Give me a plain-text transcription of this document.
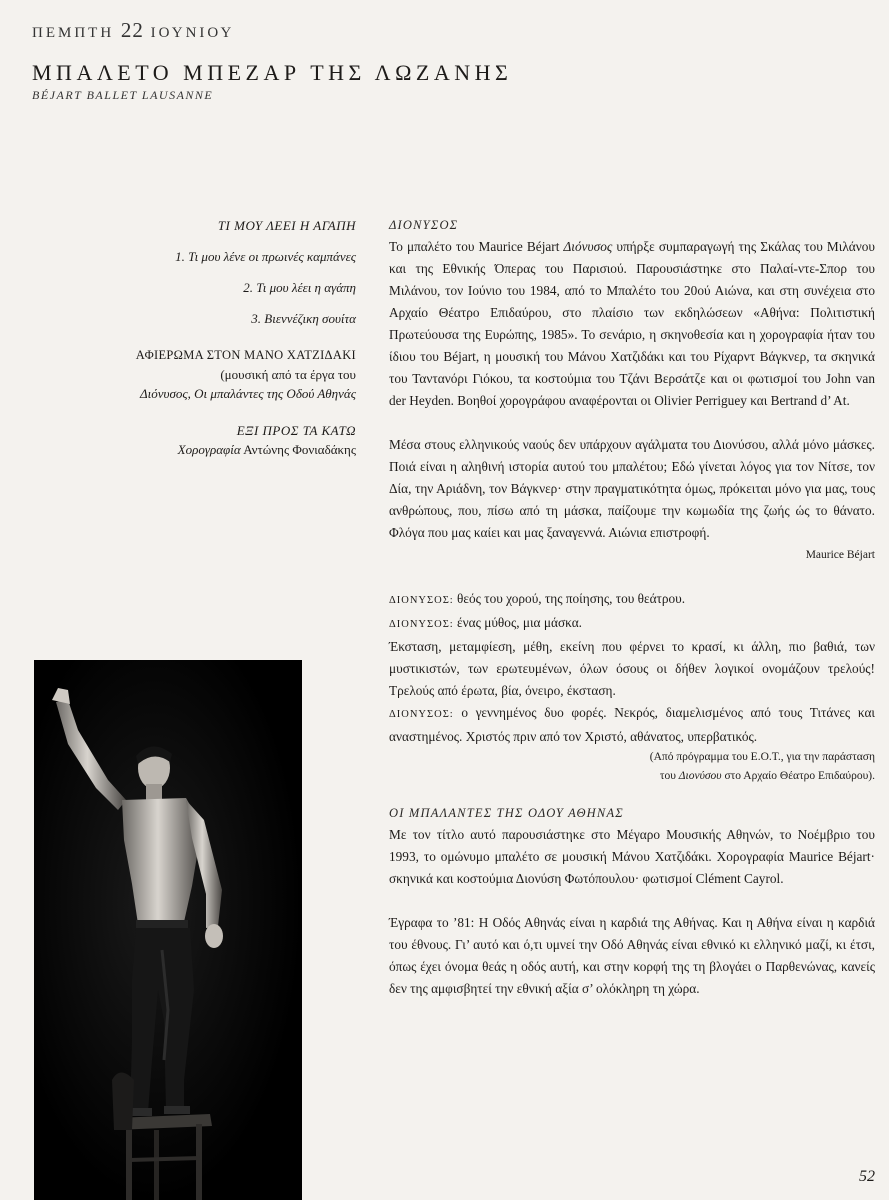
ΠΕΜΠΤΗ 22 ΙΟΥΝΙΟΥ
ΜΠΑΛΕΤΟ ΜΠΕΖΑΡ ΤΗΣ ΛΩΖΑΝΗΣ
BÉJART BALLET LAUSANNE

ΤΙ ΜΟΥ ΛΕΕΙ Η ΑΓΑΠΗ

1. Τι μου λένε οι πρωινές καμπάνες

2. Τι μου λέει η αγάπη

3. Βιεννέζικη σουίτα

ΑΦΙΕΡΩΜΑ ΣΤΟΝ ΜΑΝΟ ΧΑΤΖΙΔΑΚΙ

(μουσική από τα έργα του

Διόνυσος, Οι μπαλάντες της Οδού Αθηνάς

ΕΞΙ ΠΡΟΣ ΤΑ ΚΑΤΩ

Χορογραφία Αντώνης Φονιαδάκης

ΔΙΟΝΥΣΟΣ

Το μπαλέτο του Maurice Béjart Διόνυσος υπήρξε συμπαραγωγή της Σκάλας του Μιλάνου και της Εθνικής Όπερας του Παρισιού. Παρουσιάστηκε στο Παλαί-ντε-Σπορ του Μιλάνου, τον Ιούνιο του 1984, από το Μπαλέτο του 20ού Αιώνα, και στη συνέχεια στο Αρχαίο Θέατρο Επιδαύρου, στο πλαίσιο των εκδηλώσεων «Αθήνα: Πολιτιστική Πρωτεύουσα της Ευρώπης, 1985». Το σενάριο, η σκηνοθεσία και η χορογραφία ήταν του ίδιου του Béjart, η μουσική του Μάνου Χατζιδάκι και του Ρίχαρντ Βάγκνερ, τα σκηνικά του Ταντανόρι Γιόκου, τα κοστούμια του Τζάνι Βερσάτζε και οι φωτισμοί του John van der Heyden. Βοηθοί χορογράφου αναφέρονται οι Olivier Perriguey και Bertrand d’ At.

Μέσα στους ελληνικούς ναούς δεν υπάρχουν αγάλματα του Διονύσου, αλλά μόνο μάσκες. Ποιά είναι η αληθινή ιστορία αυτού του μπαλέτου; Εδώ γίνεται λόγος για τον Νίτσε, τον Δία, την Αριάδνη, τον Βάγκνερ· στην πραγματικότητα όμως, πρόκειται μόνο για μας, τους ανθρώπους, που, πίσω από τη μάσκα, παίζουμε την κωμωδία της ζωής ώς το θάνατο. Φλόγα που μας καίει και μας ξαναγεννά. Αιώνια επιστροφή.

Maurice Béjart

ΔΙΟΝΥΣΟΣ: θεός του χορού, της ποίησης, του θεάτρου.

ΔΙΟΝΥΣΟΣ: ένας μύθος, μια μάσκα.

Έκσταση, μεταμφίεση, μέθη, εκείνη που φέρνει το κρασί, κι άλλη, πιο βαθιά, των μυστικιστών, των ερωτευμένων, όλων όσους οι δήθεν λογικοί ονομάζουν τρελούς! Τρελούς από έρωτα, βία, όνειρο, έκσταση.

ΔΙΟΝΥΣΟΣ: ο γεννημένος δυο φορές. Νεκρός, διαμελισμένος από τους Τιτάνες και αναστημένος. Χριστός πριν από τον Χριστό, αθάνατος, υπερβατικός.

(Από πρόγραμμα του Ε.Ο.Τ., για την παράσταση

του Διονύσου στο Αρχαίο Θέατρο Επιδαύρου).

ΟΙ ΜΠΑΛΑΝΤΕΣ ΤΗΣ ΟΔΟΥ ΑΘΗΝΑΣ

Με τον τίτλο αυτό παρουσιάστηκε στο Μέγαρο Μουσικής Αθηνών, το Νοέμβριο του 1993, το ομώνυμο μπαλέτο σε μουσική Μάνου Χατζιδάκι. Χορογραφία Maurice Béjart· σκηνικά και κοστούμια Διονύση Φωτόπουλου· φωτισμοί Clément Cayrol.

Έγραφα το ’81: Η Οδός Αθηνάς είναι η καρδιά της Αθήνας. Και η Αθήνα είναι η καρδιά του έθνους. Γι’ αυτό και ό,τι υμνεί την Οδό Αθηνάς είναι εθνικό κι ελληνικό μαζί, κι έτσι, όπως έχει όνομα θεάς η οδός αυτή, και στην κορφή της τη βλογάει ο Παρθενώνας, κανείς δεν της αμφισβητεί την εθνική αξία σ’ ολόκληρη τη χώρα.

52
